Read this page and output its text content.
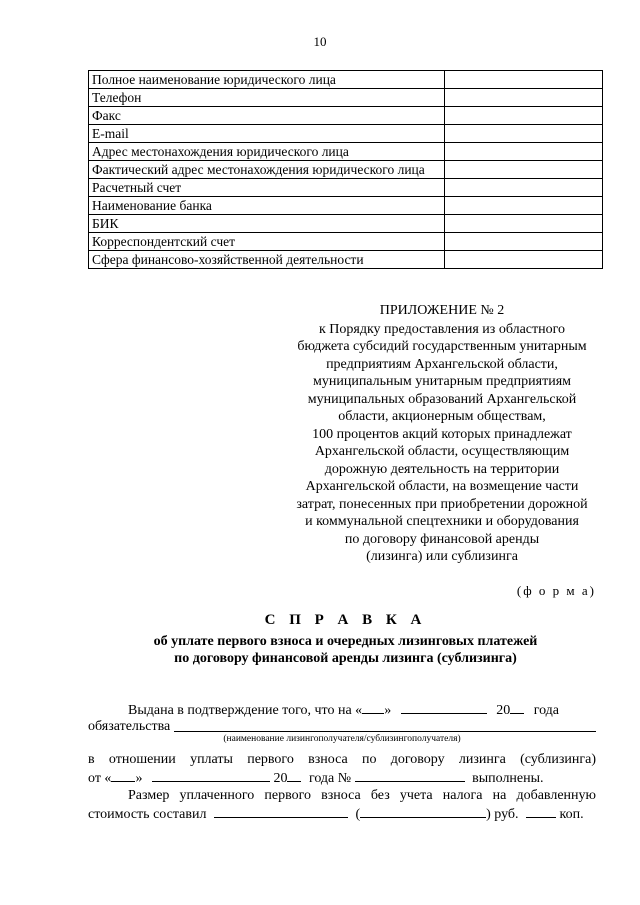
10
Полное наименование юридического лица	
Телефон	
Факс	
E-mail	
Адрес местонахождения юридического лица	
Фактический адрес местонахождения юридического лица	
Расчетный счет	
Наименование банка	
БИК	
Корреспондентский счет	
Сфера финансово-хозяйственной деятельности	
ПРИЛОЖЕНИЕ № 2
к Порядку предоставления из областного
бюджета субсидий государственным унитарным
предприятиям Архангельской области,
муниципальным унитарным предприятиям
муниципальных образований Архангельской
области, акционерным обществам,
100 процентов акций которых принадлежат
Архангельской области, осуществляющим
дорожную деятельность на территории
Архангельской области, на возмещение части
затрат, понесенных при приобретении дорожной
и коммунальной спецтехники и оборудования
по договору финансовой аренды
(лизинга) или сублизинга
(ф о р м а)
С П Р А В К А
об уплате первого взноса и очередных лизинговых платежей
по договору финансовой аренды лизинга (сублизинга)
Выдана в подтверждение того, что на « »	20 года
обязательства
(наименование лизингополучателя/сублизингополучателя)
в отношении уплаты первого взноса по договору лизинга (сублизинга)
от « »	20 года №	выполнены.
Размер уплаченного первого взноса без учета налога на добавленную
стоимость составил	(	) руб.	коп.
